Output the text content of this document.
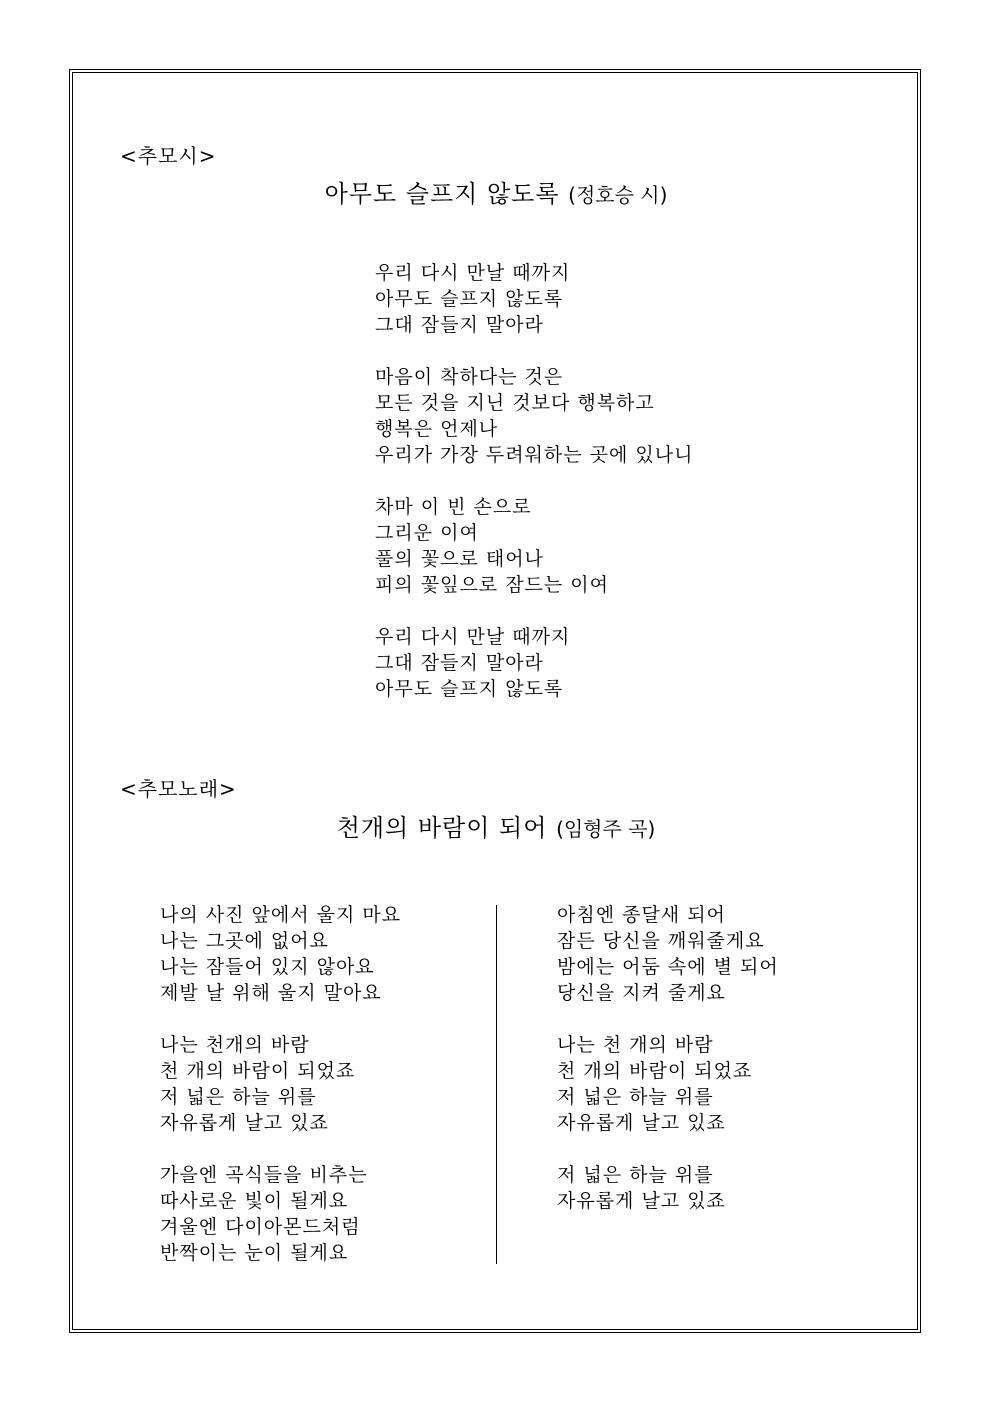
<추모시>
아무도 슬프지 않도록 (정호승 시)
우리 다시 만날 때까지
아무도 슬프지 않도록
그대 잠들지 말아라
마음이 착하다는 것은
모든 것을 지닌 것보다 행복하고
행복은 언제나
우리가 가장 두려워하는 곳에 있나니
차마 이 빈 손으로
그리운 이여
풀의 꽃으로 태어나
피의 꽃잎으로 잠드는 이여
우리 다시 만날 때까지
그대 잠들지 말아라
아무도 슬프지 않도록
<추모노래>
천개의 바람이 되어 (임형주 곡)
나의 사진 앞에서 울지 마요
나는 그곳에 없어요
나는 잠들어 있지 않아요
제발 날 위해 울지 말아요
나는 천개의 바람
천 개의 바람이 되었죠
저 넓은 하늘 위를
자유롭게 날고 있죠
가을엔 곡식들을 비추는
따사로운 빛이 될게요
겨울엔 다이아몬드처럼
반짝이는 눈이 될게요
아침엔 종달새 되어
잠든 당신을 깨워줄게요
밤에는 어둠 속에 별 되어
당신을 지켜 줄게요
나는 천 개의 바람
천 개의 바람이 되었죠
저 넓은 하늘 위를
자유롭게 날고 있죠
저 넓은 하늘 위를
자유롭게 날고 있죠
